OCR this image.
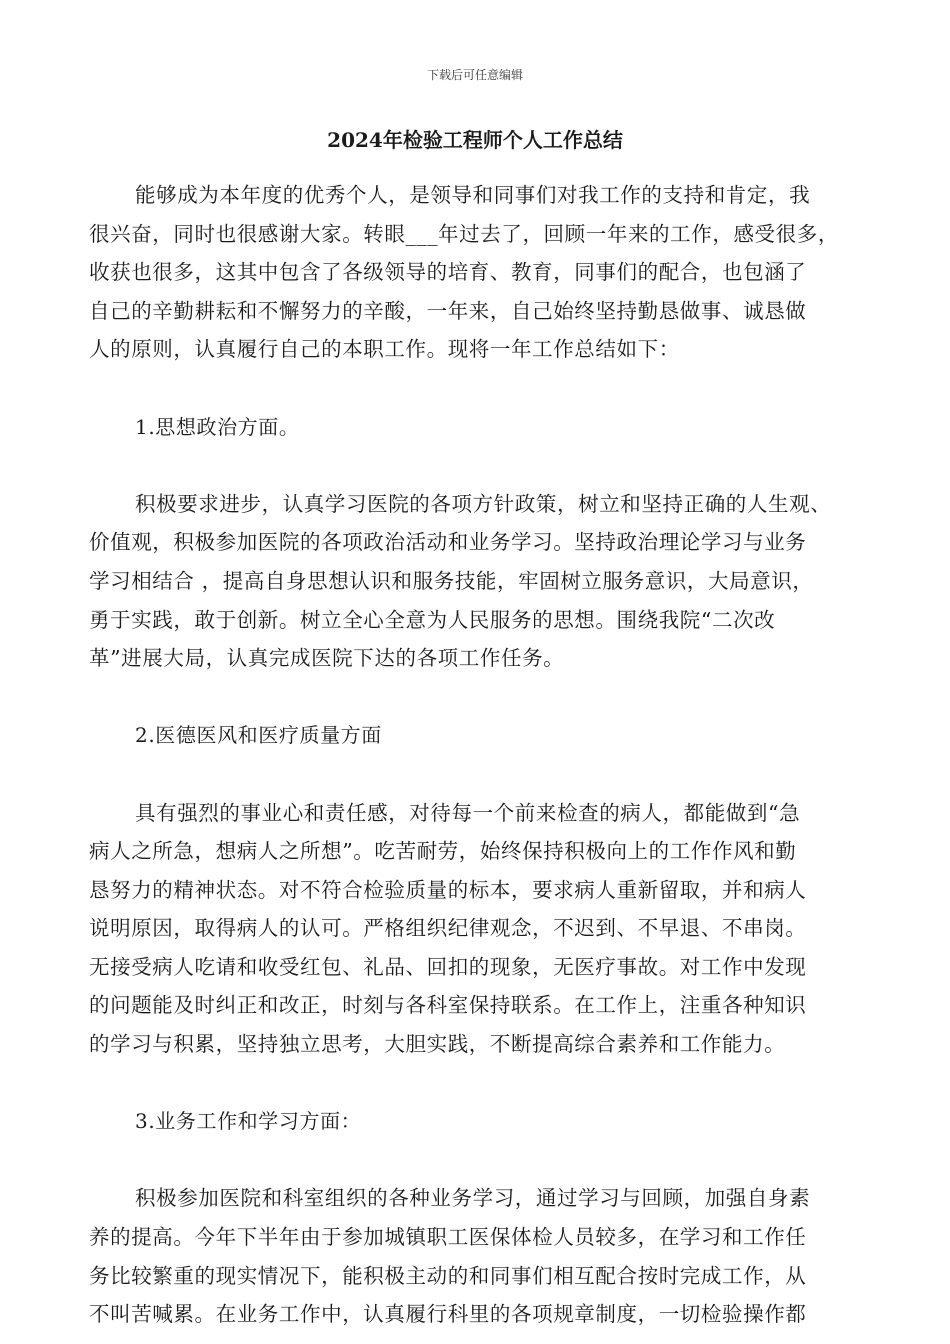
下载后可任意编辑
2024年检验工程师个人工作总结

能够成为本年度的优秀个人，是领导和同事们对我工作的支持和肯定，我
很兴奋，同时也很感谢大家。转眼___年过去了，回顾一年来的工作，感受很多，
收获也很多，这其中包含了各级领导的培育、教育，同事们的配合，也包涵了
自己的辛勤耕耘和不懈努力的辛酸，一年来，自己始终坚持勤恳做事、诚恳做
人的原则，认真履行自己的本职工作。现将一年工作总结如下：

1.思想政治方面。

积极要求进步，认真学习医院的各项方针政策，树立和坚持正确的人生观、
价值观，积极参加医院的各项政治活动和业务学习。坚持政治理论学习与业务
学习相结合 ，提高自身思想认识和服务技能，牢固树立服务意识，大局意识，
勇于实践，敢于创新。树立全心全意为人民服务的思想。围绕我院“二次改
革”进展大局，认真完成医院下达的各项工作任务。

2.医德医风和医疗质量方面

具有强烈的事业心和责任感，对待每一个前来检查的病人，都能做到“急
病人之所急，想病人之所想”。吃苦耐劳，始终保持积极向上的工作作风和勤
恳努力的精神状态。对不符合检验质量的标本，要求病人重新留取，并和病人
说明原因，取得病人的认可。严格组织纪律观念，不迟到、不早退、不串岗。
无接受病人吃请和收受红包、礼品、回扣的现象，无医疗事故。对工作中发现
的问题能及时纠正和改正，时刻与各科室保持联系。在工作上，注重各种知识
的学习与积累，坚持独立思考，大胆实践，不断提高综合素养和工作能力。

3.业务工作和学习方面：

积极参加医院和科室组织的各种业务学习，通过学习与回顾，加强自身素
养的提高。今年下半年由于参加城镇职工医保体检人员较多，在学习和工作任
务比较繁重的现实情况下，能积极主动的和同事们相互配合按时完成工作，从
不叫苦喊累。在业务工作中，认真履行科里的各项规章制度，一切检验操作都
